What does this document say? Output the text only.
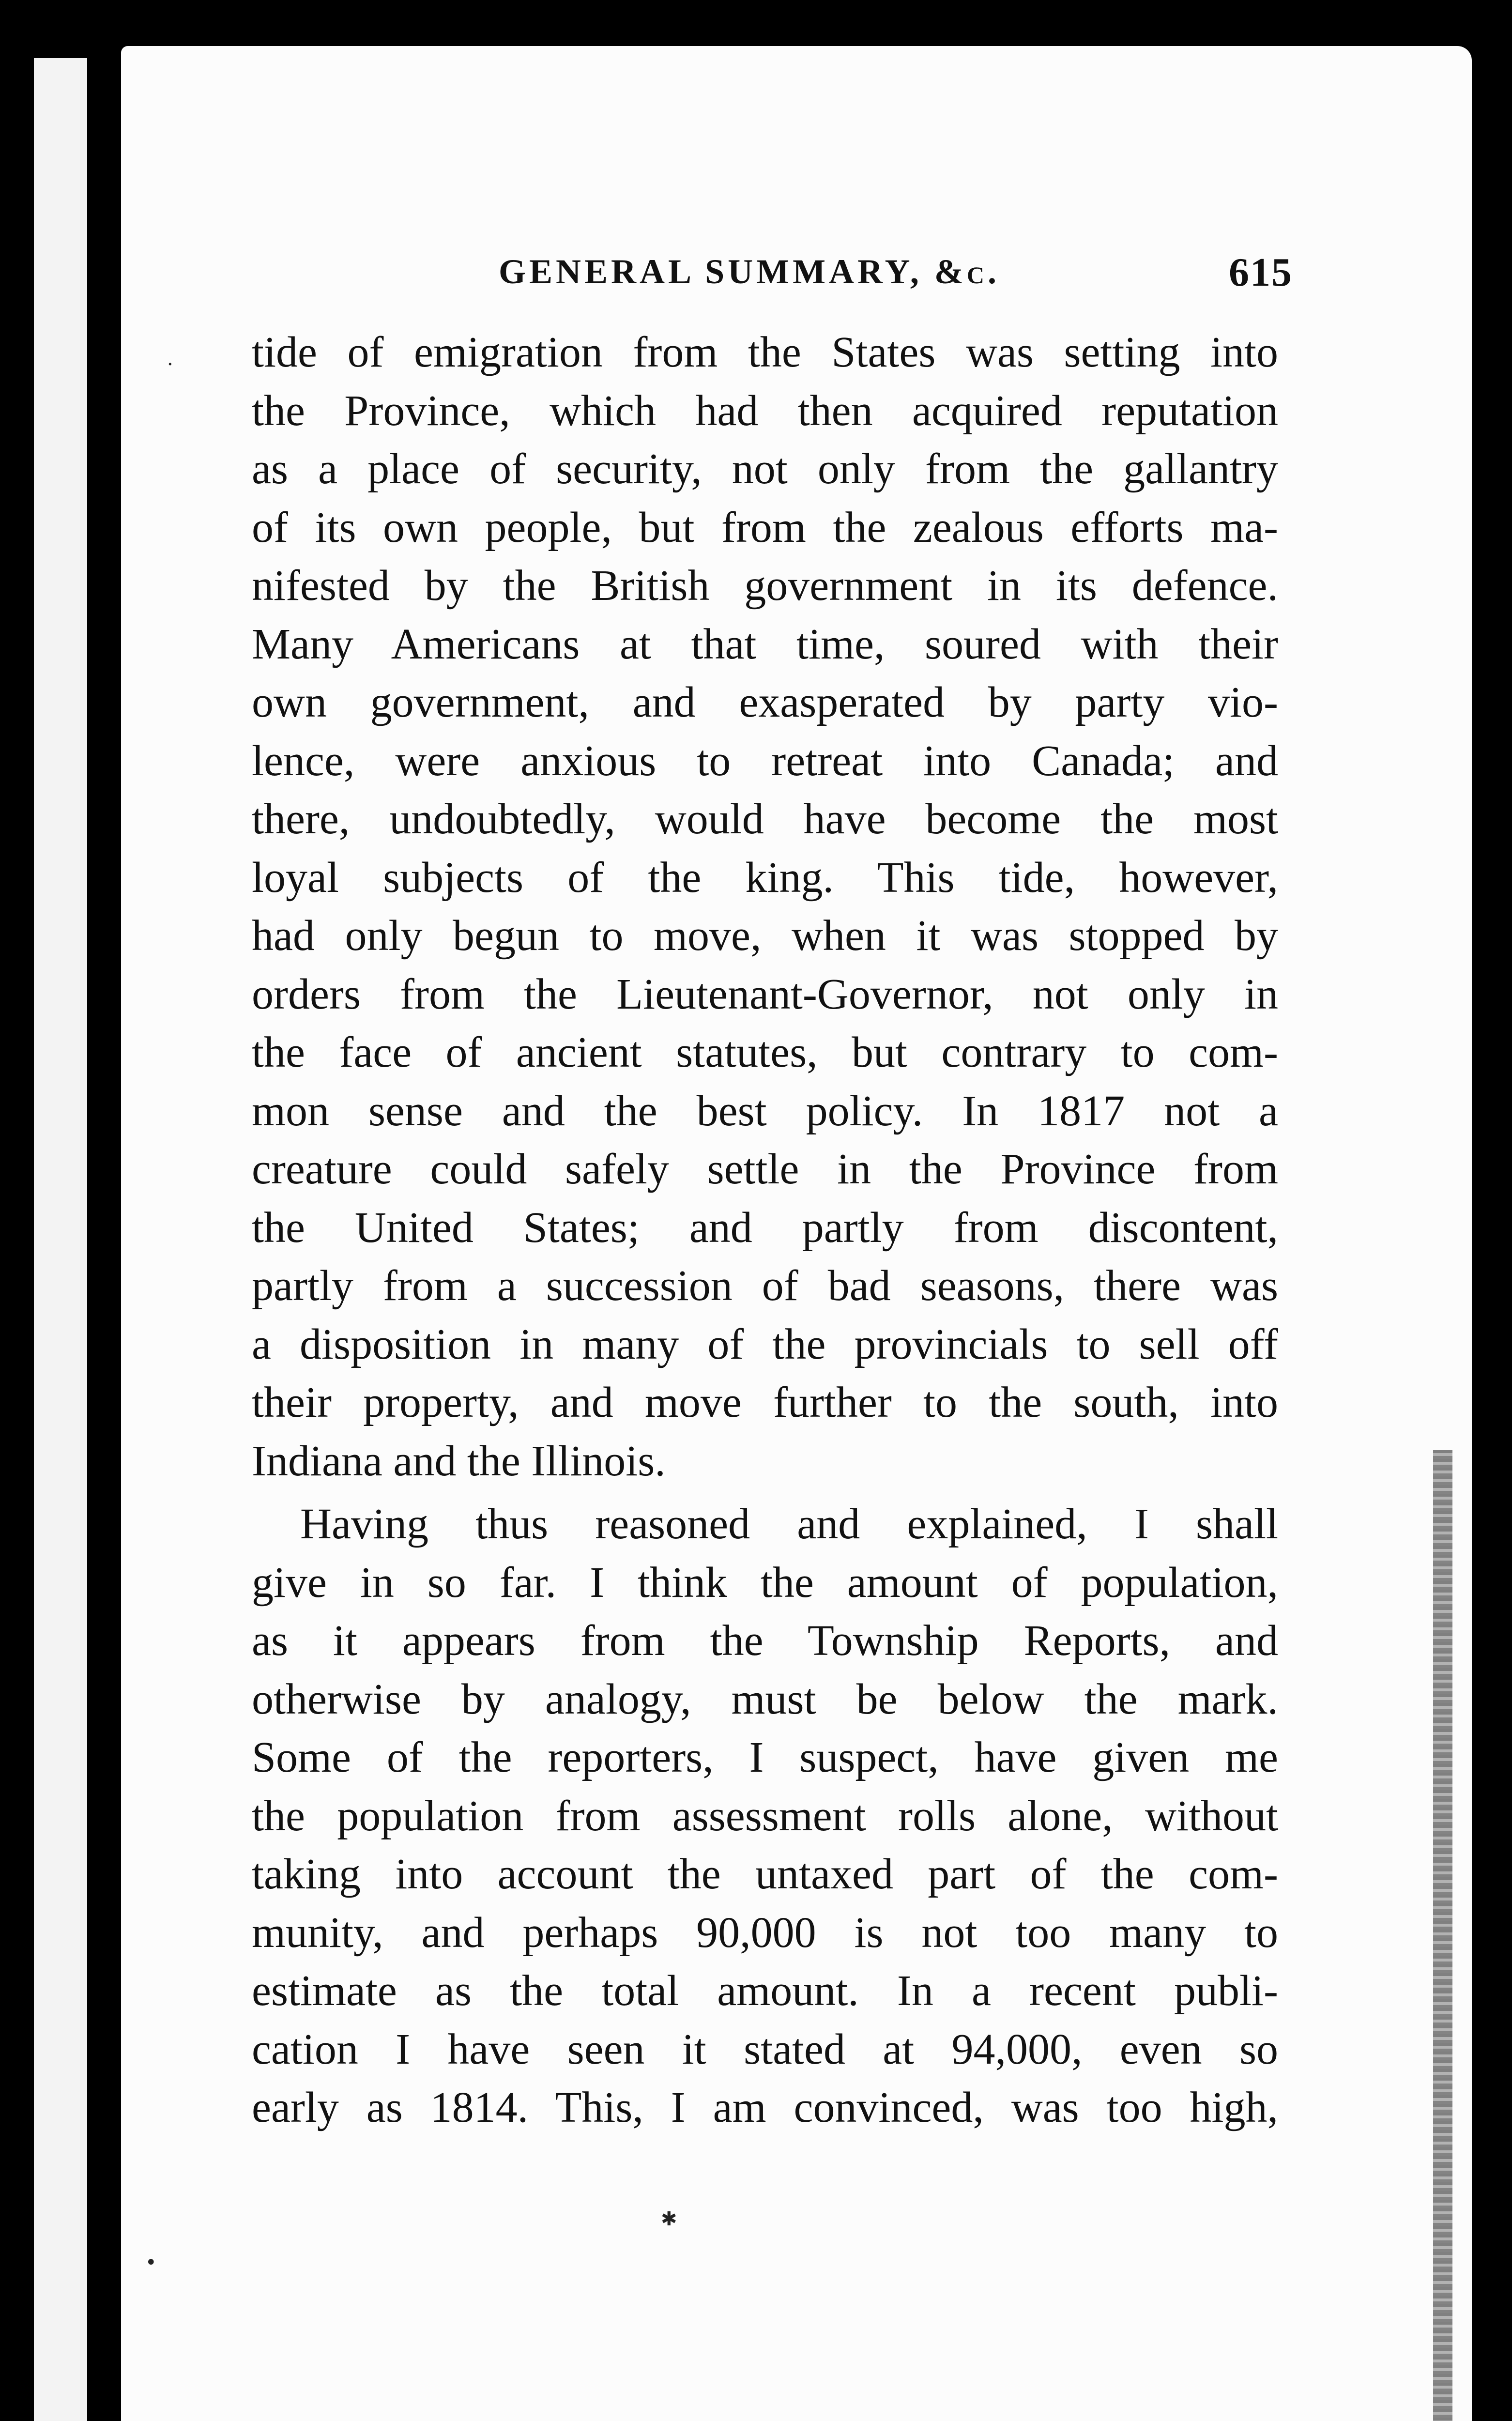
GENERAL SUMMARY, &c.	615
tide of emigration from the States was setting into
the Province, which had then acquired reputation
as a place of security, not only from the gallantry
of its own people, but from the zealous efforts ma-
nifested by the British government in its defence.
Many Americans at that time, soured with their
own government, and exasperated by party vio-
lence, were anxious to retreat into Canada; and
there, undoubtedly, would have become the most
loyal subjects of the king. This tide, however,
had only begun to move, when it was stopped by
orders from the Lieutenant-Governor, not only in
the face of ancient statutes, but contrary to com-
mon sense and the best policy. In 1817 not a
creature could safely settle in the Province from
the United States; and partly from discontent,
partly from a succession of bad seasons, there was
a disposition in many of the provincials to sell off
their property, and move further to the south, into
Indiana and the Illinois.
Having thus reasoned and explained, I shall
give in so far. I think the amount of population,
as it appears from the Township Reports, and
otherwise by analogy, must be below the mark.
Some of the reporters, I suspect, have given me
the population from assessment rolls alone, without
taking into account the untaxed part of the com-
munity, and perhaps 90,000 is not too many to
estimate as the total amount. In a recent publi-
cation I have seen it stated at 94,000, even so
early as 1814. This, I am convinced, was too high,
✱
•
·
